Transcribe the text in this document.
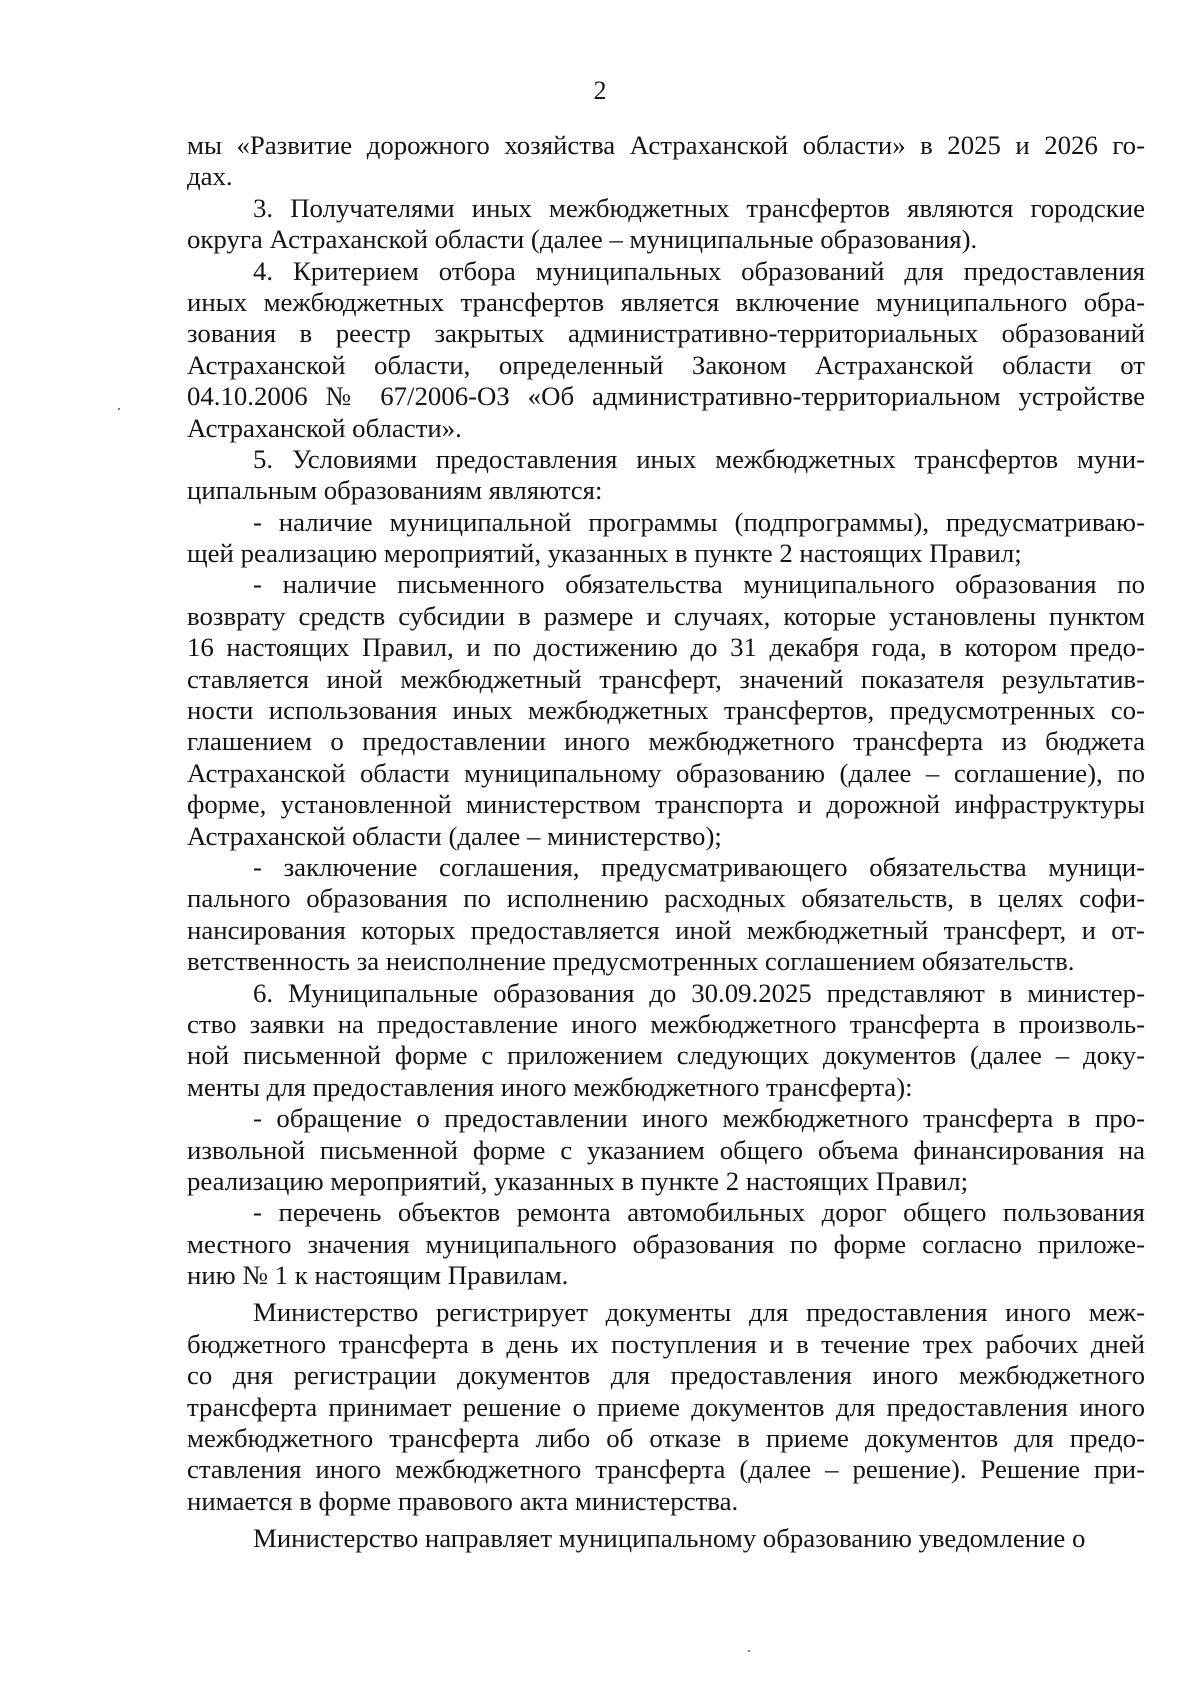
2
мы «Развитие дорожного хозяйства Астраханской области» в 2025 и 2026 го-
дах.
3. Получателями иных межбюджетных трансфертов являются городские
округа Астраханской области (далее – муниципальные образования).
4. Критерием отбора муниципальных образований для предоставления
иных межбюджетных трансфертов является включение муниципального обра-
зования в реестр закрытых административно-территориальных образований
Астраханской области, определенный Законом Астраханской области от
04.10.2006 № 67/2006-ОЗ «Об административно-территориальном устройстве
Астраханской области».
5. Условиями предоставления иных межбюджетных трансфертов муни-
ципальным образованиям являются:
- наличие муниципальной программы (подпрограммы), предусматриваю-
щей реализацию мероприятий, указанных в пункте 2 настоящих Правил;
- наличие письменного обязательства муниципального образования по
возврату средств субсидии в размере и случаях, которые установлены пунктом
16 настоящих Правил, и по достижению до 31 декабря года, в котором предо-
ставляется иной межбюджетный трансферт, значений показателя результатив-
ности использования иных межбюджетных трансфертов, предусмотренных со-
глашением о предоставлении иного межбюджетного трансферта из бюджета
Астраханской области муниципальному образованию (далее – соглашение), по
форме, установленной министерством транспорта и дорожной инфраструктуры
Астраханской области (далее – министерство);
- заключение соглашения, предусматривающего обязательства муници-
пального образования по исполнению расходных обязательств, в целях софи-
нансирования которых предоставляется иной межбюджетный трансферт, и от-
ветственность за неисполнение предусмотренных соглашением обязательств.
6. Муниципальные образования до 30.09.2025 представляют в министер-
ство заявки на предоставление иного межбюджетного трансферта в произволь-
ной письменной форме с приложением следующих документов (далее – доку-
менты для предоставления иного межбюджетного трансферта):
- обращение о предоставлении иного межбюджетного трансферта в про-
извольной письменной форме с указанием общего объема финансирования на
реализацию мероприятий, указанных в пункте 2 настоящих Правил;
- перечень объектов ремонта автомобильных дорог общего пользования
местного значения муниципального образования по форме согласно приложе-
нию № 1 к настоящим Правилам.
Министерство регистрирует документы для предоставления иного меж-
бюджетного трансферта в день их поступления и в течение трех рабочих дней
со дня регистрации документов для предоставления иного межбюджетного
трансферта принимает решение о приеме документов для предоставления иного
межбюджетного трансферта либо об отказе в приеме документов для предо-
ставления иного межбюджетного трансферта (далее – решение). Решение при-
нимается в форме правового акта министерства.
Министерство направляет муниципальному образованию уведомление о
